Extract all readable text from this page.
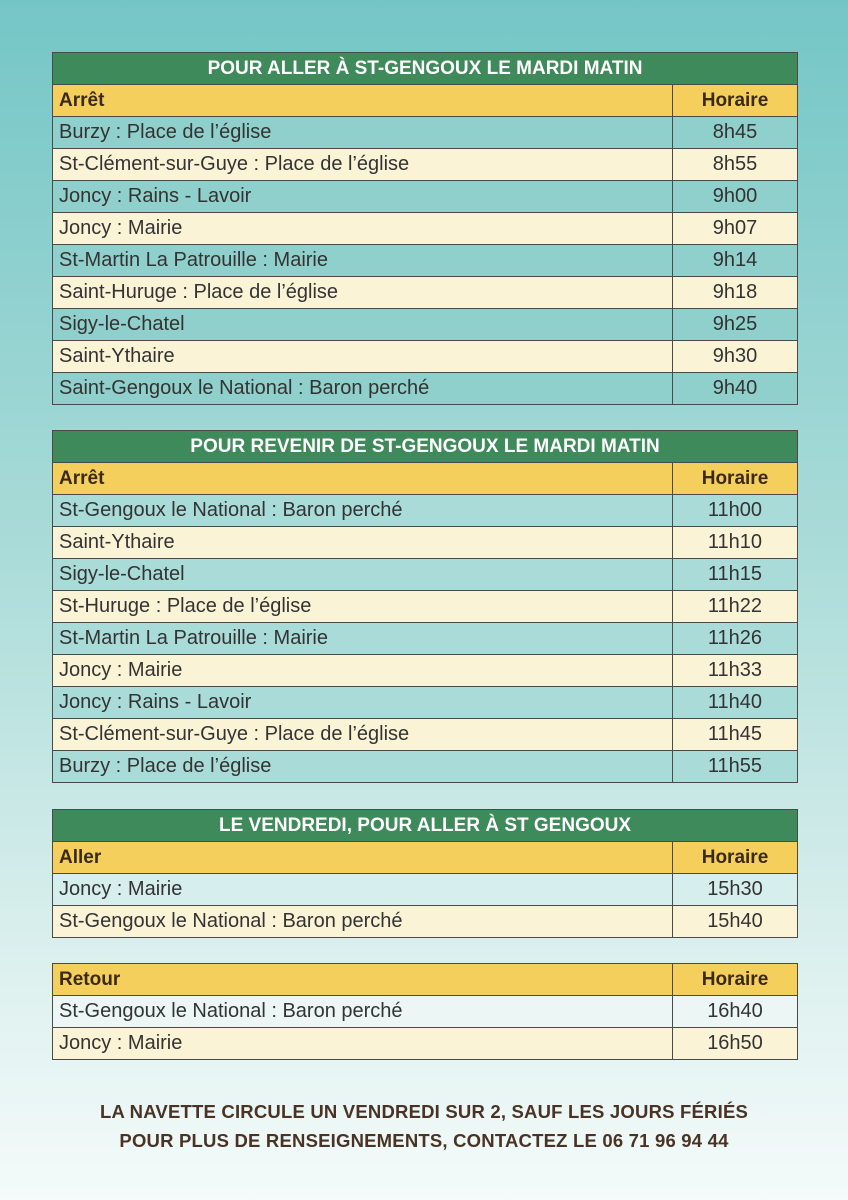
POUR ALLER À ST-GENGOUX LE MARDI MATIN	
Arrêt	Horaire
Burzy : Place de l’église	8h45
St-Clément-sur-Guye : Place de l’église	8h55
Joncy : Rains - Lavoir	9h00
Joncy : Mairie	9h07
St-Martin La Patrouille : Mairie	9h14
Saint-Huruge : Place de l’église	9h18
Sigy-le-Chatel	9h25
Saint-Ythaire	9h30
Saint-Gengoux le National : Baron perché	9h40
POUR REVENIR DE ST-GENGOUX LE MARDI MATIN	
Arrêt	Horaire
St-Gengoux le National : Baron perché	11h00
Saint-Ythaire	11h10
Sigy-le-Chatel	11h15
St-Huruge : Place de l’église	11h22
St-Martin La Patrouille : Mairie	11h26
Joncy : Mairie	11h33
Joncy : Rains - Lavoir	11h40
St-Clément-sur-Guye : Place de l’église	11h45
Burzy : Place de l’église	11h55
LE VENDREDI, POUR ALLER À ST GENGOUX	
Aller	Horaire
Joncy : Mairie	15h30
St-Gengoux le National : Baron perché	15h40
Retour	Horaire
St-Gengoux le National : Baron perché	16h40
Joncy : Mairie	16h50
LA NAVETTE CIRCULE UN VENDREDI SUR 2, SAUF LES JOURS FÉRIÉS
POUR PLUS DE RENSEIGNEMENTS, CONTACTEZ LE 06 71 96 94 44
